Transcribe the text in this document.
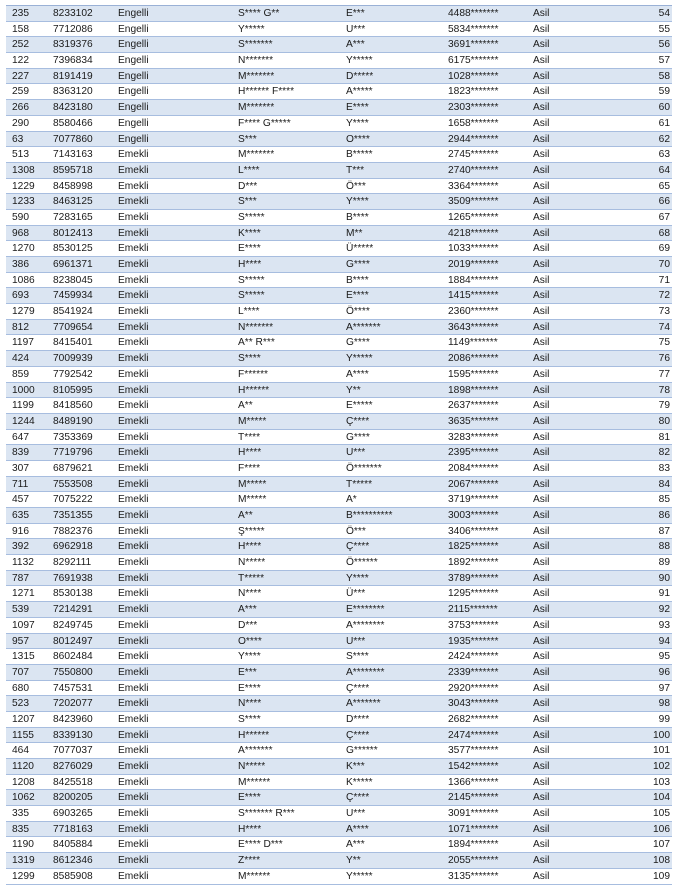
235	8233102	Engelli	S**** G**	E***	4488*******	Asil	54
158	7712086	Engelli	Y*****	U***	5834*******	Asil	55
252	8319376	Engelli	S*******	A***	3691*******	Asil	56
122	7396834	Engelli	N*******	Y*****	6175*******	Asil	57
227	8191419	Engelli	M*******	D*****	1028*******	Asil	58
259	8363120	Engelli	H****** F****	A*****	1823*******	Asil	59
266	8423180	Engelli	M*******	E****	2303*******	Asil	60
290	8580466	Engelli	F**** G*****	Y****	1658*******	Asil	61
63	7077860	Engelli	S***	O****	2944*******	Asil	62
513	7143163	Emekli	M*******	B*****	2745*******	Asil	63
1308	8595718	Emekli	L****	T***	2740*******	Asil	64
1229	8458998	Emekli	D***	Ö***	3364*******	Asil	65
1233	8463125	Emekli	S***	Y****	3509*******	Asil	66
590	7283165	Emekli	S*****	B****	1265*******	Asil	67
968	8012413	Emekli	K****	M**	4218*******	Asil	68
1270	8530125	Emekli	E****	Ü*****	1033*******	Asil	69
386	6961371	Emekli	H****	G****	2019*******	Asil	70
1086	8238045	Emekli	S*****	B****	1884*******	Asil	71
693	7459934	Emekli	S*****	E****	1415*******	Asil	72
1279	8541924	Emekli	L****	Ö****	2360*******	Asil	73
812	7709654	Emekli	N*******	A*******	3643*******	Asil	74
1197	8415401	Emekli	A** R***	G****	1149*******	Asil	75
424	7009939	Emekli	S****	Y*****	2086*******	Asil	76
859	7792542	Emekli	F******	A****	1595*******	Asil	77
1000	8105995	Emekli	H******	Y**	1898*******	Asil	78
1199	8418560	Emekli	A**	E*****	2637*******	Asil	79
1244	8489190	Emekli	M*****	Ç****	3635*******	Asil	80
647	7353369	Emekli	T****	G****	3283*******	Asil	81
839	7719796	Emekli	H****	U***	2395*******	Asil	82
307	6879621	Emekli	F****	Ö*******	2084*******	Asil	83
711	7553508	Emekli	M*****	T*****	2067*******	Asil	84
457	7075222	Emekli	M*****	A*	3719*******	Asil	85
635	7351355	Emekli	A**	B**********	3003*******	Asil	86
916	7882376	Emekli	Ş*****	Ö***	3406*******	Asil	87
392	6962918	Emekli	H****	Ç****	1825*******	Asil	88
1132	8292111	Emekli	N*****	Ö******	1892*******	Asil	89
787	7691938	Emekli	T*****	Y****	3789*******	Asil	90
1271	8530138	Emekli	N****	Ü***	1295*******	Asil	91
539	7214291	Emekli	A***	E********	2115*******	Asil	92
1097	8249745	Emekli	D***	A********	3753*******	Asil	93
957	8012497	Emekli	O****	U***	1935*******	Asil	94
1315	8602484	Emekli	Y****	S****	2424*******	Asil	95
707	7550800	Emekli	E***	A********	2339*******	Asil	96
680	7457531	Emekli	E****	Ç****	2920*******	Asil	97
523	7202077	Emekli	N****	A*******	3043*******	Asil	98
1207	8423960	Emekli	S****	D****	2682*******	Asil	99
1155	8339130	Emekli	H******	Ç****	2474*******	Asil	100
464	7077037	Emekli	A*******	G******	3577*******	Asil	101
1120	8276029	Emekli	N*****	K***	1542*******	Asil	102
1208	8425518	Emekli	M******	K*****	1366*******	Asil	103
1062	8200205	Emekli	E****	Ç****	2145*******	Asil	104
335	6903265	Emekli	S******* R***	U***	3091*******	Asil	105
835	7718163	Emekli	H****	A****	1071*******	Asil	106
1190	8405884	Emekli	E**** D***	A***	1894*******	Asil	107
1319	8612346	Emekli	Z****	Y**	2055*******	Asil	108
1299	8585908	Emekli	M******	Y*****	3135*******	Asil	109
